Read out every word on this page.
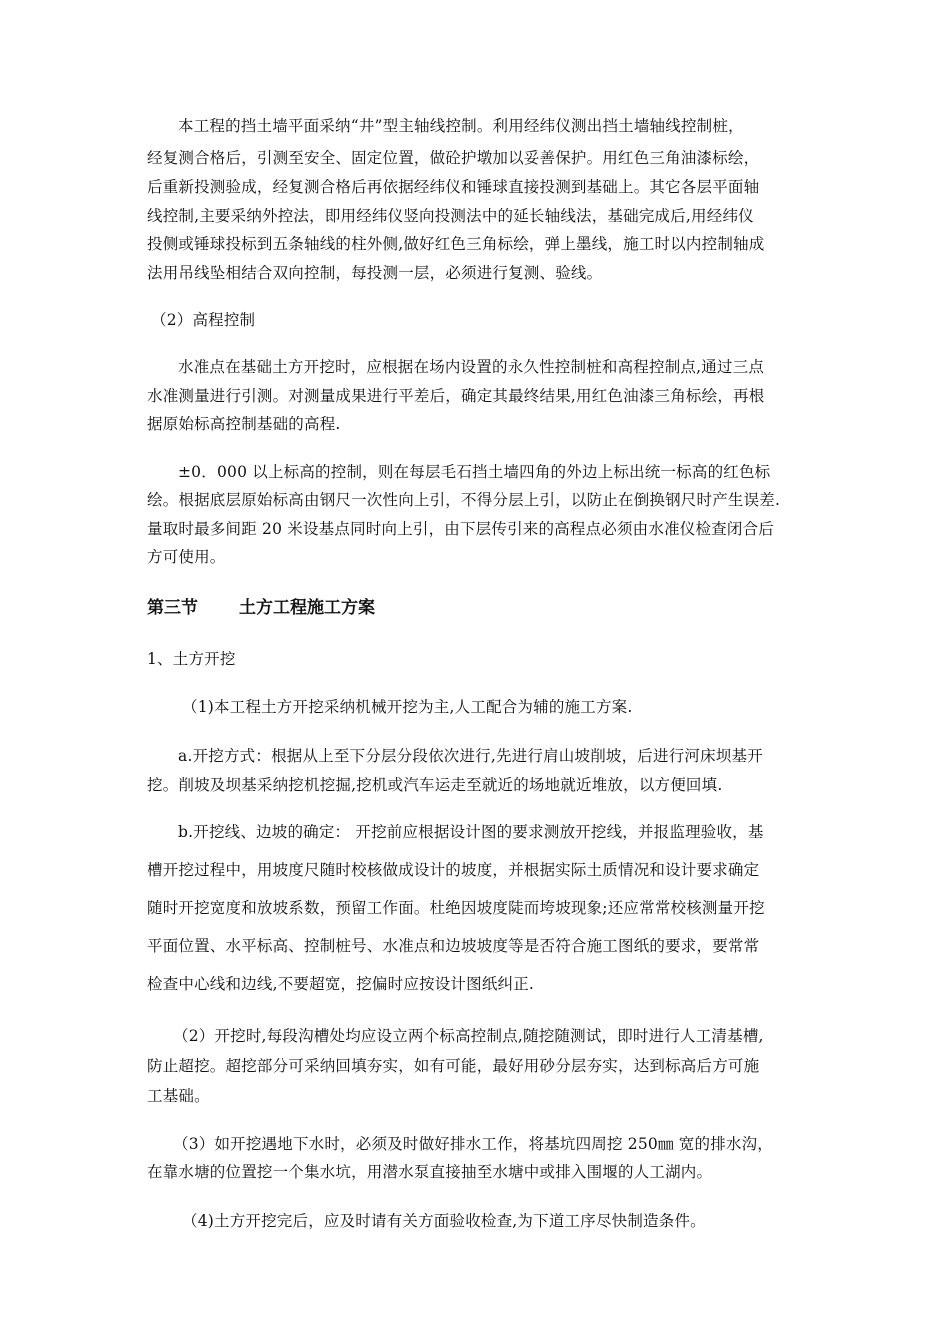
本工程的挡土墙平面采纳“井”型主轴线控制。利用经纬仪测出挡土墙轴线控制桩，

经复测合格后，引测至安全、固定位置，做砼护墩加以妥善保护。用红色三角油漆标绘，

后重新投测验成，经复测合格后再依据经纬仪和锤球直接投测到基础上。其它各层平面轴

线控制,主要采纳外控法，即用经纬仪竖向投测法中的延长轴线法，基础完成后,用经纬仪

投侧或锤球投标到五条轴线的柱外侧,做好红色三角标绘，弹上墨线，施工时以内控制轴成

法用吊线坠相结合双向控制，每投测一层，必须进行复测、验线。

（2）高程控制

水准点在基础土方开挖时，应根据在场内设置的永久性控制桩和高程控制点,通过三点

水准测量进行引测。对测量成果进行平差后，确定其最终结果,用红色油漆三角标绘，再根

据原始标高控制基础的高程.

±0．000 以上标高的控制，则在每层毛石挡土墙四角的外边上标出统一标高的红色标

绘。根据底层原始标高由钢尺一次性向上引，不得分层上引，以防止在倒换钢尺时产生误差.

量取时最多间距 20 米设基点同时向上引，由下层传引来的高程点必须由水准仪检查闭合后

方可使用。

第三节 土方工程施工方案

1、土方开挖

（1)本工程土方开挖采纳机械开挖为主,人工配合为辅的施工方案.

a.开挖方式：根据从上至下分层分段依次进行,先进行肩山坡削坡，后进行河床坝基开

挖。削坡及坝基采纳挖机挖掘,挖机或汽车运走至就近的场地就近堆放，以方便回填.

b.开挖线、边坡的确定： 开挖前应根据设计图的要求测放开挖线，并报监理验收，基

槽开挖过程中，用坡度尺随时校核做成设计的坡度，并根据实际土质情况和设计要求确定

随时开挖宽度和放坡系数，预留工作面。杜绝因坡度陡而垮坡现象;还应常常校核测量开挖

平面位置、水平标高、控制桩号、水准点和边坡坡度等是否符合施工图纸的要求，要常常

检查中心线和边线,不要超宽，挖偏时应按设计图纸纠正.

（2）开挖时,每段沟槽处均应设立两个标高控制点,随挖随测试，即时进行人工清基槽,

防止超挖。超挖部分可采纳回填夯实，如有可能，最好用砂分层夯实，达到标高后方可施

工基础。

（3）如开挖遇地下水时，必须及时做好排水工作，将基坑四周挖 250㎜ 宽的排水沟，

在靠水塘的位置挖一个集水坑，用潜水泵直接抽至水塘中或排入围堰的人工湖内。

（4)土方开挖完后，应及时请有关方面验收检查,为下道工序尽快制造条件。
